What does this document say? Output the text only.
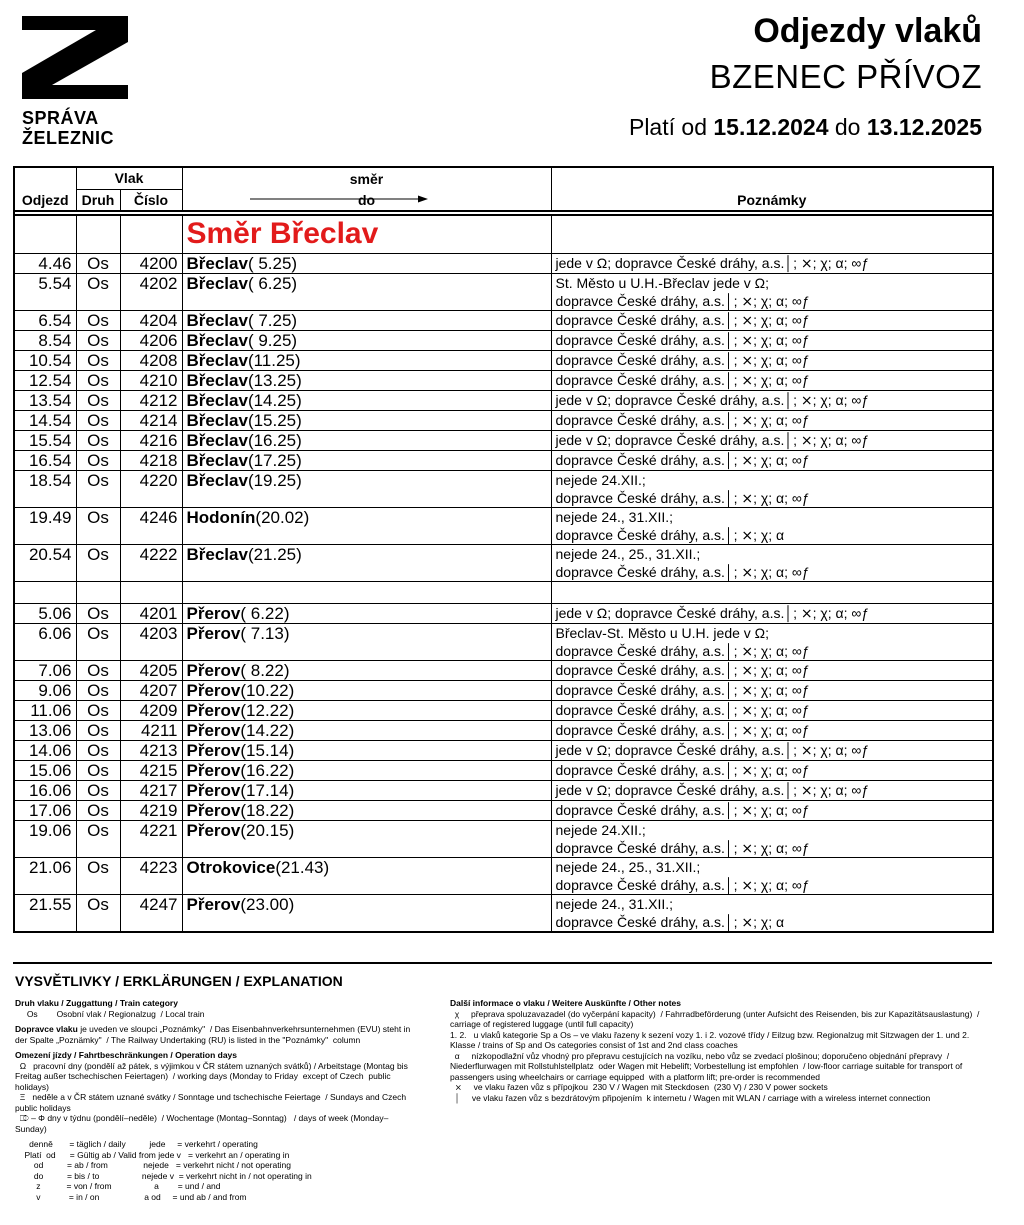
SPRÁVA
ŽELEZNIC
Odjezdy vlaků
BZENEC PŘÍVOZ
Platí od 15.12.2024 do 13.12.2025
	Vlak		směr	
Odjezd	Druh	Číslo	do	Poznámky

			Směr Břeclav	
4.46	Os	4200	Břeclav( 5.25)	jede v Ω; dopravce České dráhy, a.s.│; ⨯; χ; α; ∞ƒ

5.54	Os	4202	Břeclav( 6.25)	St. Město u U.H.-Břeclav jede v Ω;
dopravce České dráhy, a.s.│; ⨯; χ; α; ∞ƒ

6.54	Os	4204	Břeclav( 7.25)	dopravce České dráhy, a.s.│; ⨯; χ; α; ∞ƒ

8.54	Os	4206	Břeclav( 9.25)	dopravce České dráhy, a.s.│; ⨯; χ; α; ∞ƒ

10.54	Os	4208	Břeclav(11.25)	dopravce České dráhy, a.s.│; ⨯; χ; α; ∞ƒ

12.54	Os	4210	Břeclav(13.25)	dopravce České dráhy, a.s.│; ⨯; χ; α; ∞ƒ

13.54	Os	4212	Břeclav(14.25)	jede v Ω; dopravce České dráhy, a.s.│; ⨯; χ; α; ∞ƒ

14.54	Os	4214	Břeclav(15.25)	dopravce České dráhy, a.s.│; ⨯; χ; α; ∞ƒ

15.54	Os	4216	Břeclav(16.25)	jede v Ω; dopravce České dráhy, a.s.│; ⨯; χ; α; ∞ƒ

16.54	Os	4218	Břeclav(17.25)	dopravce České dráhy, a.s.│; ⨯; χ; α; ∞ƒ

18.54	Os	4220	Břeclav(19.25)	nejede 24.XII.;
dopravce České dráhy, a.s.│; ⨯; χ; α; ∞ƒ

19.49	Os	4246	Hodonín(20.02)	nejede 24., 31.XII.;
dopravce České dráhy, a.s.│; ⨯; χ; α

20.54	Os	4222	Břeclav(21.25)	nejede 24., 25., 31.XII.;
dopravce České dráhy, a.s.│; ⨯; χ; α; ∞ƒ

5.06	Os	4201	Přerov( 6.22)	jede v Ω; dopravce České dráhy, a.s.│; ⨯; χ; α; ∞ƒ

6.06	Os	4203	Přerov( 7.13)	Břeclav-St. Město u U.H. jede v Ω;
dopravce České dráhy, a.s.│; ⨯; χ; α; ∞ƒ

7.06	Os	4205	Přerov( 8.22)	dopravce České dráhy, a.s.│; ⨯; χ; α; ∞ƒ

9.06	Os	4207	Přerov(10.22)	dopravce České dráhy, a.s.│; ⨯; χ; α; ∞ƒ

11.06	Os	4209	Přerov(12.22)	dopravce České dráhy, a.s.│; ⨯; χ; α; ∞ƒ

13.06	Os	4211	Přerov(14.22)	dopravce České dráhy, a.s.│; ⨯; χ; α; ∞ƒ

14.06	Os	4213	Přerov(15.14)	jede v Ω; dopravce České dráhy, a.s.│; ⨯; χ; α; ∞ƒ

15.06	Os	4215	Přerov(16.22)	dopravce České dráhy, a.s.│; ⨯; χ; α; ∞ƒ

16.06	Os	4217	Přerov(17.14)	jede v Ω; dopravce České dráhy, a.s.│; ⨯; χ; α; ∞ƒ

17.06	Os	4219	Přerov(18.22)	dopravce České dráhy, a.s.│; ⨯; χ; α; ∞ƒ

19.06	Os	4221	Přerov(20.15)	nejede 24.XII.;
dopravce České dráhy, a.s.│; ⨯; χ; α; ∞ƒ

21.06	Os	4223	Otrokovice(21.43)	nejede 24., 25., 31.XII.;
dopravce České dráhy, a.s.│; ⨯; χ; α; ∞ƒ

21.55	Os	4247	Přerov(23.00)	nejede 24., 31.XII.;
dopravce České dráhy, a.s.│; ⨯; χ; α
VYSVĚTLIVKY / ERKLÄRUNGEN / EXPLANATION
Druh vlaku / Zuggattung / Train category
Os        Osobní vlak / Regionalzug  / Local train
Dopravce vlaku je uveden ve sloupci „Poznámky"  / Das Eisenbahnverkehrsunternehmen (EVU) steht in der Spalte „Poznämky"  / The Railway Undertaking (RU) is listed in the "Poznámky"  column
Omezení jízdy / Fahrtbeschränkungen / Operation days
Ω   pracovní dny (pondělí až pátek, s výjimkou v ČR státem uznaných svátků) / Arbeitstage (Montag bis Freitag außer tschechischen Feiertagen)  / working days (Monday to Friday  except of Czech  public holidays)
Ξ   neděle a v ČR státem uznané svátky / Sonntage und tschechische Feiertage  / Sundays and Czech public holidays
⎄ – Φ dny v týdnu (pondělí–neděle)  / Wochentage (Montag–Sonntag)   / days of week (Monday–Sunday)
denně       = täglich / daily          jede     = verkehrt / operating
Platí  od      = Gültig ab / Valid from jede v   = verkehrt an / operating in
od          = ab / from               nejede   = verkehrt nicht / not operating
do          = bis / to                  nejede v  = verkehrt nicht in / not operating in
z           = von / from                  a        = und / and
v            = in / on                   a od     = und ab / and from
Další informace o vlaku / Weitere Auskünfte / Other notes
χ     přeprava spoluzavazadel (do vyčerpání kapacity)  / Fahrradbeförderung (unter Aufsicht des Reisenden, bis zur Kapazitätsauslastung)  / carriage of registered luggage (until full capacity)
1. 2.   u vlaků kategorie Sp a Os – ve vlaku řazeny k sezení vozy 1. i 2. vozové třídy / Eilzug bzw. Regionalzug mit Sitzwagen der 1. und 2. Klasse / trains of Sp and Os categories consist of 1st and 2nd class coaches
α     nízkopodlažní vůz vhodný pro přepravu cestujících na vozíku, nebo vůz se zvedací plošinou; doporučeno objednání přepravy  / Niederflurwagen mit Rollstuhlstellplatz  oder Wagen mit Hebelift; Vorbestellung ist empfohlen  / low-floor carriage suitable for transport of passengers using wheelchairs or carriage equipped  with a platform lift; pre-order is recommended
⨯     ve vlaku řazen vůz s přípojkou  230 V / Wagen mit Steckdosen  (230 V) / 230 V power sockets
│     ve vlaku řazen vůz s bezdrátovým připojením  k internetu / Wagen mit WLAN / carriage with a wireless internet connection
